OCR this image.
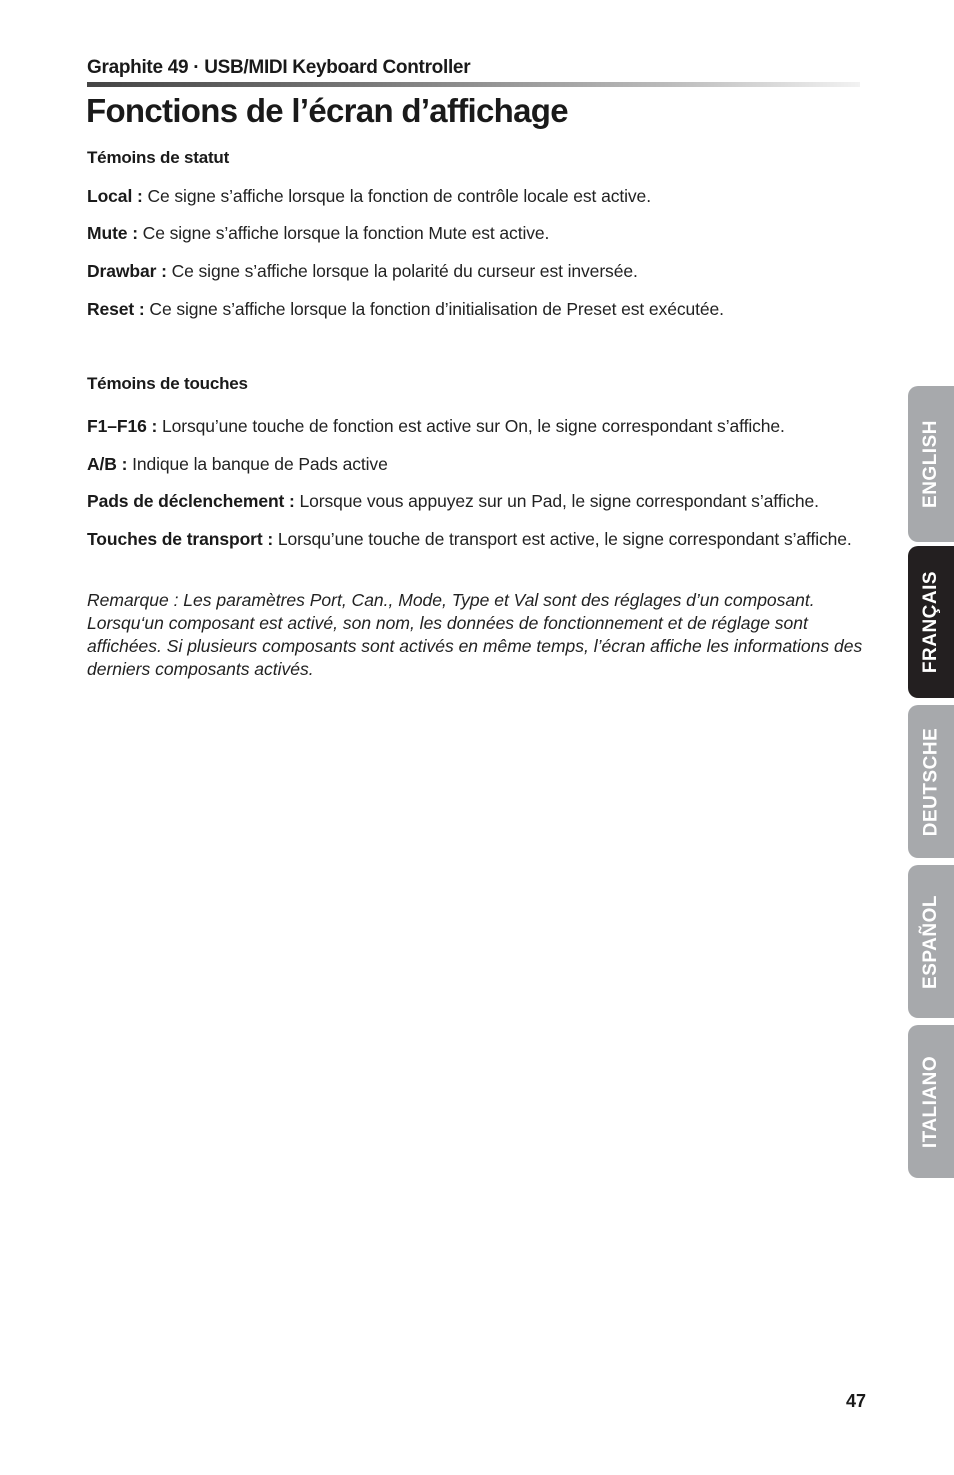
Graphite 49 · USB/MIDI Keyboard Controller
Fonctions de l’écran d’affichage
Témoins de statut
Local : Ce signe s’affiche lorsque la fonction de contrôle locale est active.
Mute : Ce signe s’affiche lorsque la fonction Mute est active.
Drawbar : Ce signe s’affiche lorsque la polarité du curseur est inversée.
Reset : Ce signe s’affiche lorsque la fonction d’initialisation de Preset est exécutée.
Témoins de touches
F1–F16 : Lorsqu’une touche de fonction est active sur On, le signe correspondant s’affiche.
A/B : Indique la banque de Pads active
Pads de déclenchement : Lorsque vous appuyez sur un Pad, le signe correspondant s’affiche.
Touches de transport : Lorsqu’une touche de transport est active, le signe correspondant s’affiche.
Remarque : Les paramètres Port, Can., Mode, Type et Val sont des réglages d’un composant. Lorsqu‘un composant est activé, son nom, les données de fonctionnement et de réglage sont affichées. Si plusieurs composants sont activés en même temps, l’écran affiche les informations des derniers composants activés.
ENGLISH
FRANÇAIS
DEUTSCHE
ESPAÑOL
ITALIANO
47
